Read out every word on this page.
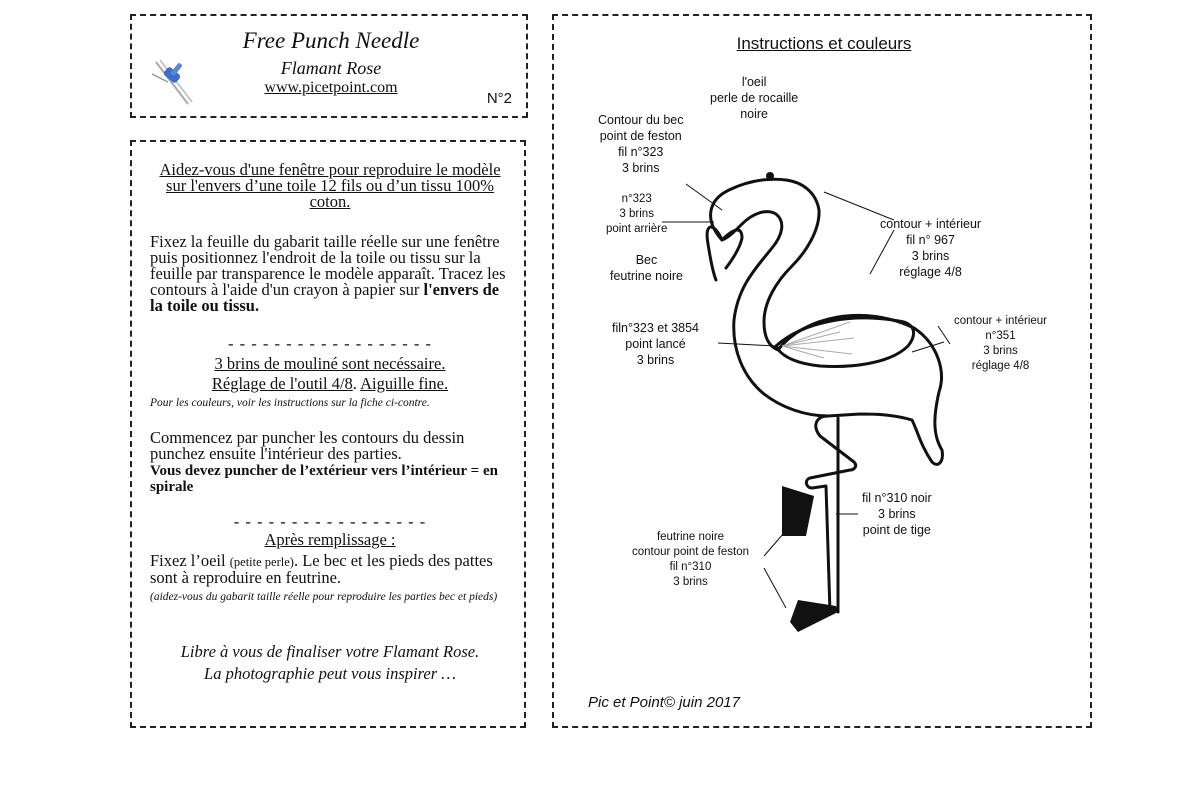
Free Punch Needle
Flamant Rose
www.picetpoint.com
N°2
Aidez-vous d'une fenêtre pour reproduire le modèle sur l'envers d’une toile 12 fils ou d’un tissu 100% coton.
Fixez la feuille du gabarit taille réelle sur une fenêtre puis positionnez l'endroit de la toile ou tissu sur la feuille par transparence le modèle apparaît. Tracez les contours à l'aide d'un crayon à papier sur l'envers de la toile ou tissu.
- - - - - - - - - - - - - - - - - -
3 brins de mouliné sont necéssaire.
Réglage de l'outil 4/8. Aiguille fine.
Pour les couleurs, voir les instructions sur la fiche ci-contre.
Commencez par puncher les contours du dessin punchez ensuite l'intérieur des parties.
Vous devez puncher de l’extérieur vers l’intérieur = en spirale
- - - - - - - - - - - - - - - - -
Après remplissage :
Fixez l’oeil (petite perle). Le bec et les pieds des pattes sont à reproduire en feutrine.
(aidez-vous du gabarit taille réelle pour reproduire les parties bec et pieds)
Libre à vous de finaliser votre Flamant Rose.
La photographie peut vous inspirer …
Instructions et couleurs
l'oeil
perle de rocaille
noire
Contour du bec
point de feston
fil n°323
3 brins
n°323
3 brins
point arrière
Bec
feutrine noire
contour + intérieur
fil n° 967
3 brins
réglage 4/8
filn°323 et 3854
point lancé
3 brins
contour + intérieur
n°351
3 brins
réglage 4/8
fil n°310 noir
3 brins
point de tige
feutrine noire
contour point de feston
fil n°310
3 brins
Pic et Point© juin 2017
